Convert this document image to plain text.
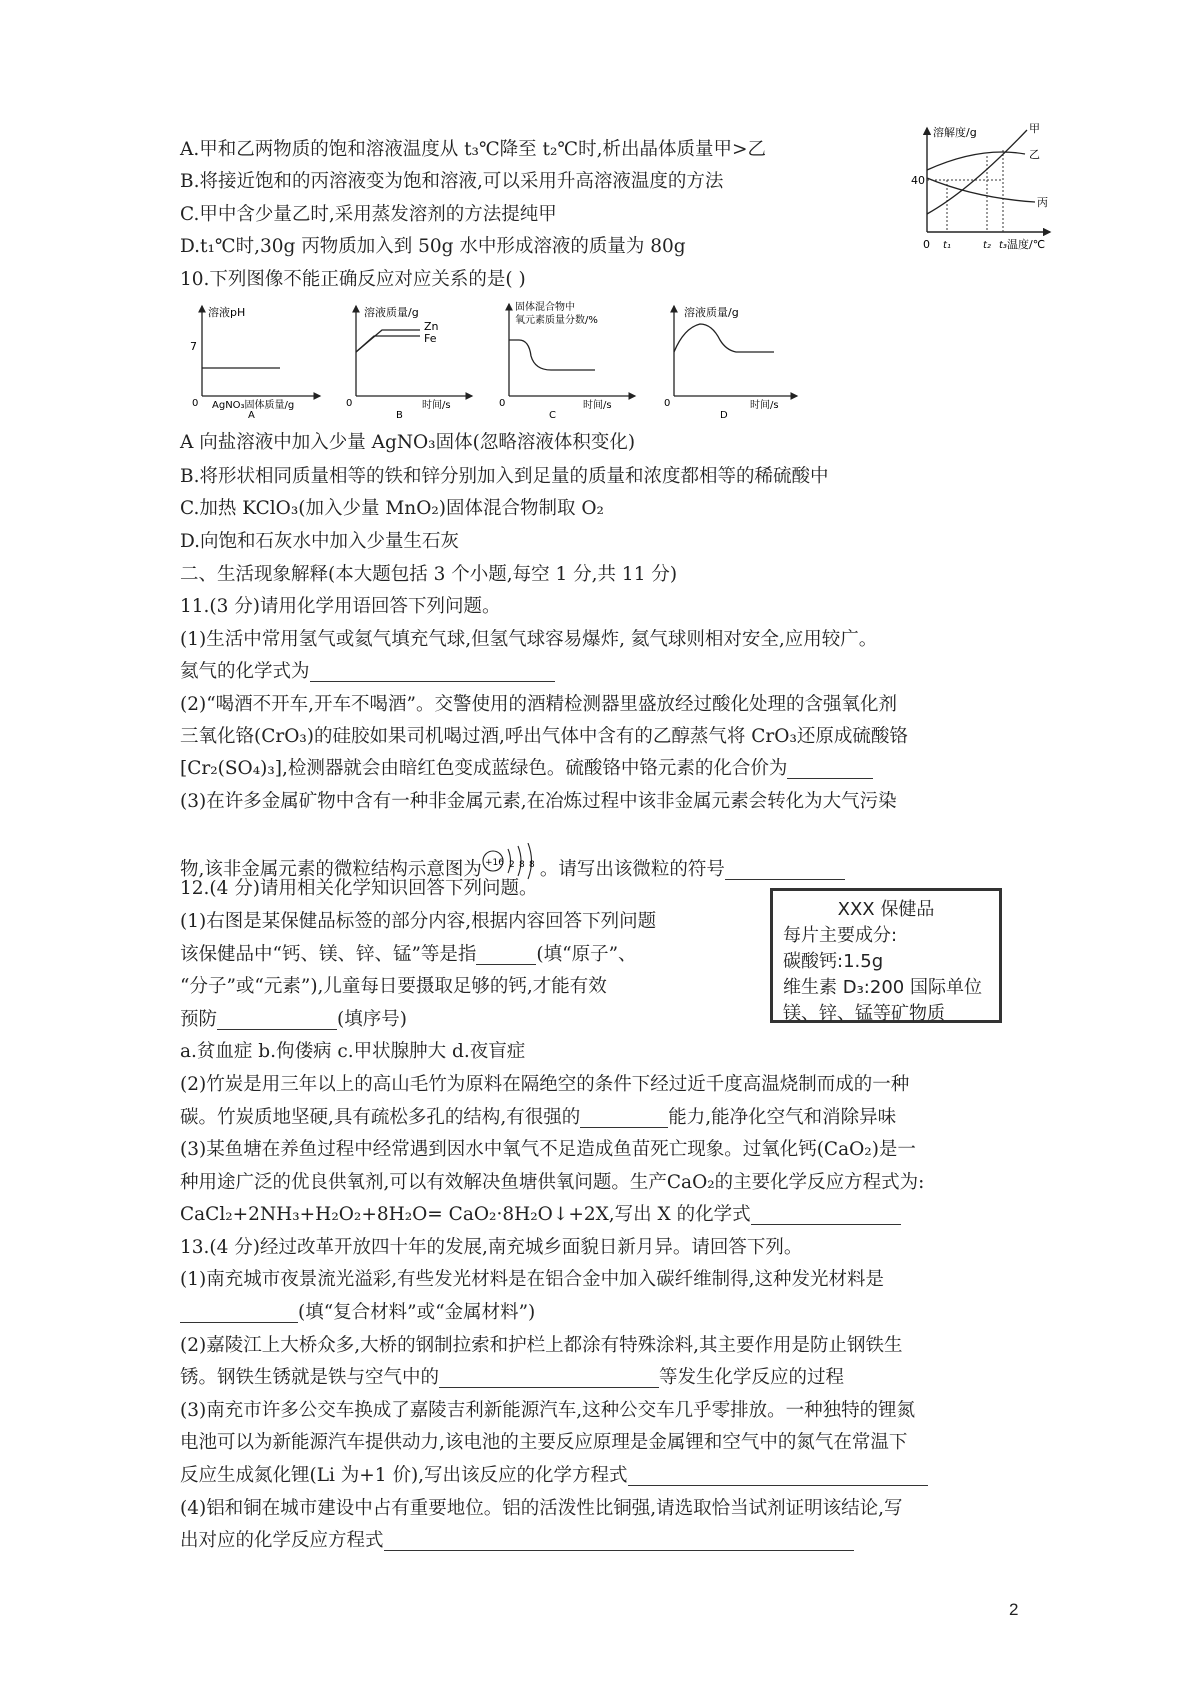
A.甲和乙两物质的饱和溶液温度从 t₃℃降至 t₂℃时,析出晶体质量甲>乙
B.将接近饱和的丙溶液变为饱和溶液,可以采用升高溶液温度的方法
C.甲中含少量乙时,采用蒸发溶剂的方法提纯甲
D.t₁℃时,30g 丙物质加入到 50g 水中形成溶液的质量为 80g
溶解度/g
温度/℃
0
40
t₁	t₂ t₃
甲
乙
丙
10.下列图像不能正确反应对应关系的是( )
溶液pH
7
0 AgNO₃固体质量/g
A
溶液质量/g
0	时间/s
B
Zn
Fe
固体混合物中
氧元素质量分数/%
0	时间/s
C
溶液质量/g
0	时间/s
D
A 向盐溶液中加入少量 AgNO₃固体(忽略溶液体积变化)
B.将形状相同质量相等的铁和锌分别加入到足量的质量和浓度都相等的稀硫酸中
C.加热 KClO₃(加入少量 MnO₂)固体混合物制取 O₂
D.向饱和石灰水中加入少量生石灰
二、生活现象解释(本大题包括 3 个小题,每空 1 分,共 11 分)
11.(3 分)请用化学用语回答下列问题。
(1)生活中常用氢气或氦气填充气球,但氢气球容易爆炸, 氦气球则相对安全,应用较广。
氦气的化学式为
(2)“喝酒不开车,开车不喝酒”。交警使用的酒精检测器里盛放经过酸化处理的含强氧化剂
三氧化铬(CrO₃)的硅胶如果司机喝过酒,呼出气体中含有的乙醇蒸气将 CrO₃还原成硫酸铬
[Cr₂(SO₄)₃],检测器就会由暗红色变成蓝绿色。硫酸铬中铬元素的化合价为
(3)在许多金属矿物中含有一种非金属元素,在冶炼过程中该非金属元素会转化为大气污染
物,该非金属元素的微粒结构示意图为 +16 2 8 8 。请写出该微粒的符号
12.(4 分)请用相关化学知识回答下列问题。
(1)右图是某保健品标签的部分内容,根据内容回答下列问题
该保健品中“钙、镁、锌、锰”等是指	(填“原子”、
“分子”或“元素”),儿童每日要摄取足够的钙,才能有效
预防	(填序号)
a.贫血症 b.佝偻病 c.甲状腺肿大 d.夜盲症
XXX 保健品
每片主要成分:
碳酸钙:1.5g
维生素 D₃:200 国际单位
镁、锌、锰等矿物质
(2)竹炭是用三年以上的高山毛竹为原料在隔绝空的条件下经过近千度高温烧制而成的一种
碳。竹炭质地坚硬,具有疏松多孔的结构,有很强的	能力,能净化空气和消除异味
(3)某鱼塘在养鱼过程中经常遇到因水中氧气不足造成鱼苗死亡现象。过氧化钙(CaO₂)是一
种用途广泛的优良供氧剂,可以有效解决鱼塘供氧问题。生产CaO₂的主要化学反应方程式为:
CaCl₂+2NH₃+H₂O₂+8H₂O= CaO₂·8H₂O↓+2X,写出 X 的化学式
13.(4 分)经过改革开放四十年的发展,南充城乡面貌日新月异。请回答下列。
(1)南充城市夜景流光溢彩,有些发光材料是在铝合金中加入碳纤维制得,这种发光材料是
(填“复合材料”或“金属材料”)
(2)嘉陵江上大桥众多,大桥的钢制拉索和护栏上都涂有特殊涂料,其主要作用是防止钢铁生
锈。钢铁生锈就是铁与空气中的	等发生化学反应的过程
(3)南充市许多公交车换成了嘉陵吉利新能源汽车,这种公交车几乎零排放。一种独特的锂氮
电池可以为新能源汽车提供动力,该电池的主要反应原理是金属锂和空气中的氮气在常温下
反应生成氮化锂(Li 为+1 价),写出该反应的化学方程式
(4)铝和铜在城市建设中占有重要地位。铝的活泼性比铜强,请选取恰当试剂证明该结论,写
出对应的化学反应方程式
2
